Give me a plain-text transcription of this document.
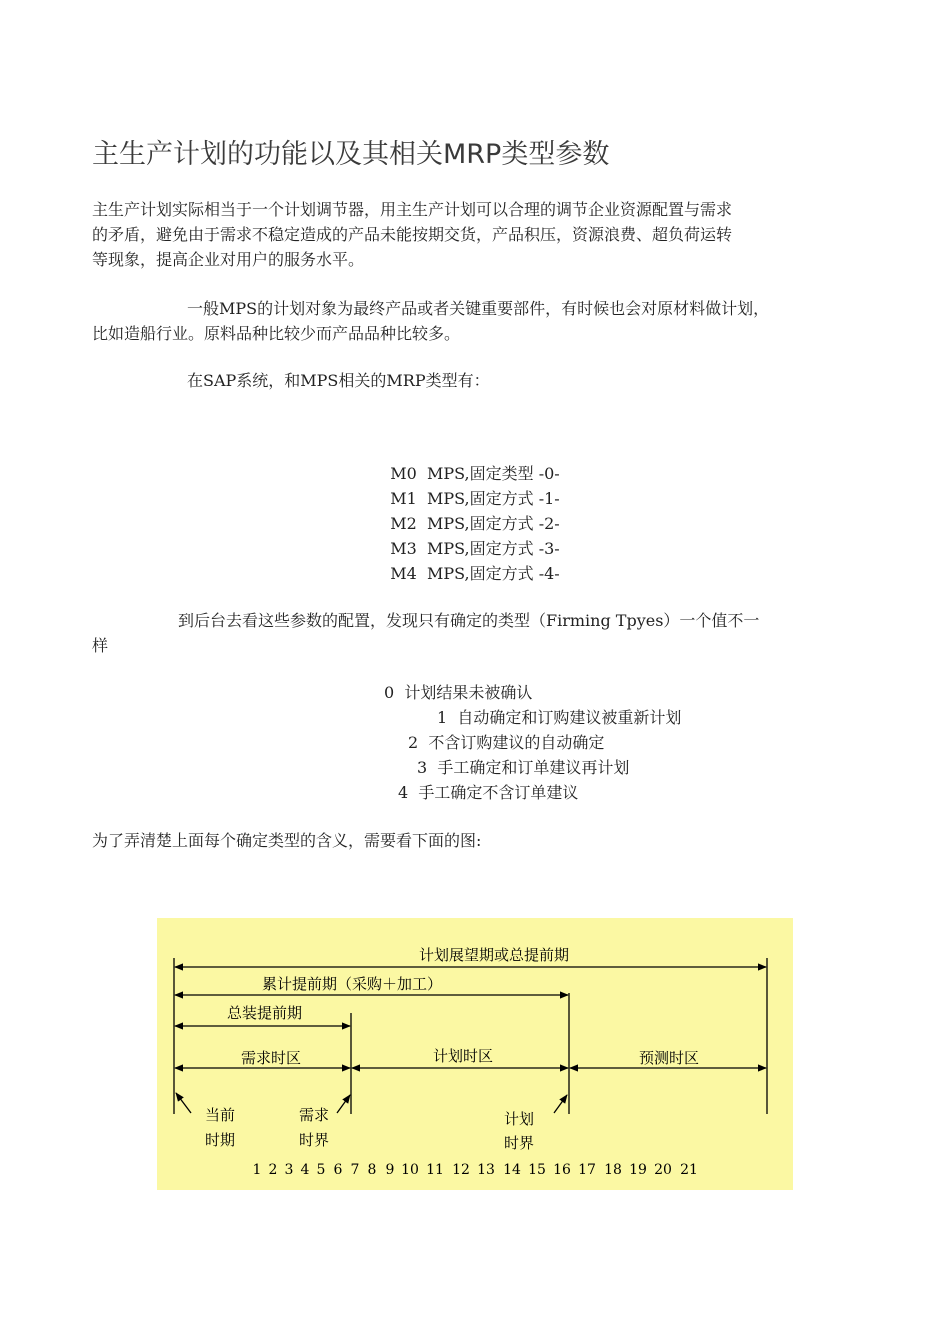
主生产计划的功能以及其相关MRP类型参数

主生产计划实际相当于一个计划调节器，用主生产计划可以合理的调节企业资源配置与需求
的矛盾，避免由于需求不稳定造成的产品未能按期交货，产品积压，资源浪费、超负荷运转
等现象，提高企业对用户的服务水平。

一般MPS的计划对象为最终产品或者关键重要部件，有时候也会对原材料做计划，
比如造船行业。原料品种比较少而产品品种比较多。

在SAP系统，和MPS相关的MRP类型有：

M0  MPS,固定类型 -0-

M1  MPS,固定方式 -1-

M2  MPS,固定方式 -2-

M3  MPS,固定方式 -3-

M4  MPS,固定方式 -4-

到后台去看这些参数的配置，发现只有确定的类型（Firming Tpyes）一个值不一
样

0  计划结果未被确认

1  自动确定和订购建议被重新计划

2  不含订购建议的自动确定

3  手工确定和订单建议再计划

4  手工确定不含订单建议

为了弄清楚上面每个确定类型的含义，需要看下面的图:

计划展望期或总提前期
累计提前期（采购＋加工）
总装提前期
需求时区	计划时区	预测时区
当前
时期
需求
时界
计划
时界
1 2 3 4 5 6 7 8 9 10 11 12 13 14 15 16 17 18 19 20 21
